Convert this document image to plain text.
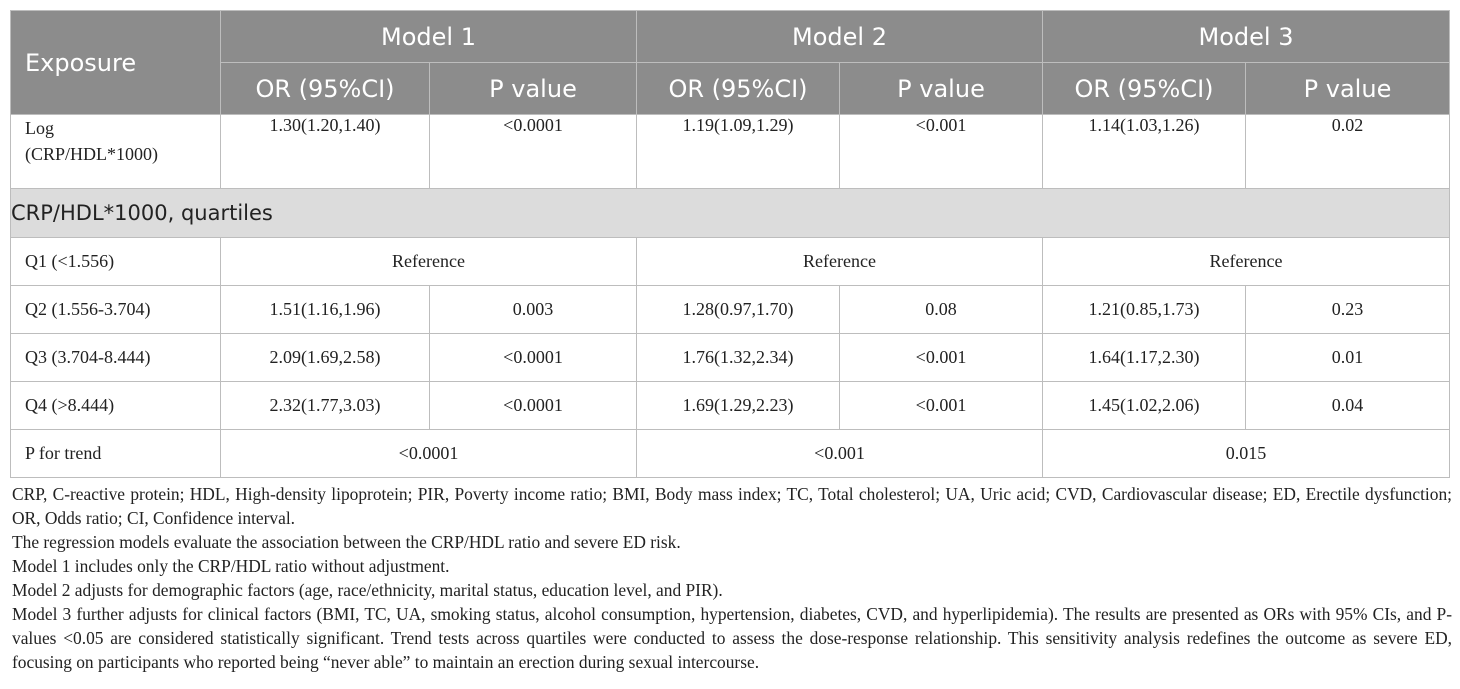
Exposure	Model 1		Model 2		Model 3	
	OR (95%CI)	P value	OR (95%CI)	P value	OR (95%CI)	P value
Log
(CRP/HDL*1000)	1.30(1.20,1.40)	<0.0001	1.19(1.09,1.29)	<0.001	1.14(1.03,1.26)	0.02
CRP/HDL*1000, quartiles						
Q1 (<1.556)	Reference		Reference		Reference	
Q2 (1.556-3.704)	1.51(1.16,1.96)	0.003	1.28(0.97,1.70)	0.08	1.21(0.85,1.73)	0.23
Q3 (3.704-8.444)	2.09(1.69,2.58)	<0.0001	1.76(1.32,2.34)	<0.001	1.64(1.17,2.30)	0.01
Q4 (>8.444)	2.32(1.77,3.03)	<0.0001	1.69(1.29,2.23)	<0.001	1.45(1.02,2.06)	0.04
P for trend	<0.0001		<0.001		0.015	

CRP, C-reactive protein; HDL, High-density lipoprotein; PIR, Poverty income ratio; BMI, Body mass index; TC, Total cholesterol; UA, Uric acid; CVD, Cardiovascular disease; ED, Erectile dysfunction; OR, Odds ratio; CI, Confidence interval.

The regression models evaluate the association between the CRP/HDL ratio and severe ED risk.

Model 1 includes only the CRP/HDL ratio without adjustment.

Model 2 adjusts for demographic factors (age, race/ethnicity, marital status, education level, and PIR).

Model 3 further adjusts for clinical factors (BMI, TC, UA, smoking status, alcohol consumption, hypertension, diabetes, CVD, and hyperlipidemia). The results are presented as ORs with 95% CIs, and P-values <0.05 are considered statistically significant. Trend tests across quartiles were conducted to assess the dose-response relationship. This sensitivity analysis redefines the outcome as severe ED, focusing on participants who reported being “never able” to maintain an erection during sexual intercourse.
